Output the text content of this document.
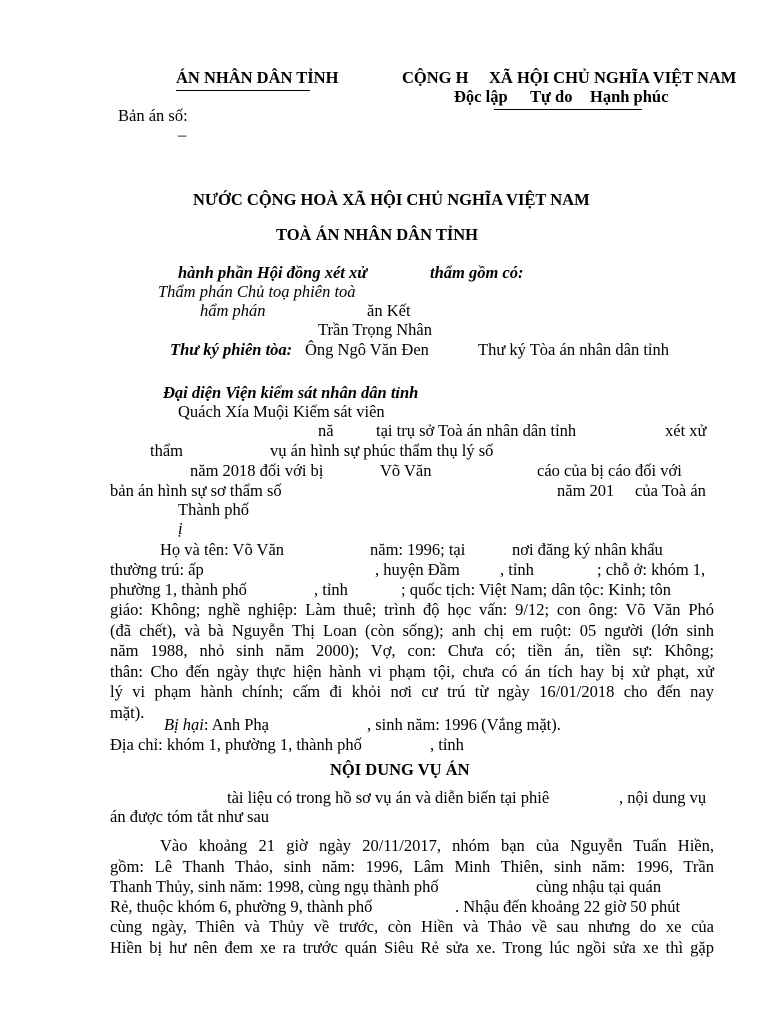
ÁN NHÂN DÂN TỈNH	CỘNG H XÃ HỘI CHỦ NGHĨA VIỆT NAM
Độc lập Tự do Hạnh phúc
Bản án số:
–
NƯỚC CỘNG HOÀ XÃ HỘI CHỦ NGHĨA VIỆT NAM
TOÀ ÁN NHÂN DÂN TỈNH
hành phần Hội đồng xét xử	thẩm gồm có:
Thẩm phán Chủ toạ phiên toà
hẩm phán	ăn Kết
Trần Trọng Nhân
Thư ký phiên tòa: Ông Ngô Văn Đen	Thư ký Tòa án nhân dân tỉnh
Đại diện Viện kiểm sát nhân dân tỉnh
Quách Xía Muội Kiểm sát viên
nă	tại trụ sở Toà án nhân dân tỉnh	xét xử
thẩm	vụ án hình sự phúc thẩm thụ lý số
năm 2018 đối với bị	Võ Văn	cáo của bị cáo đối với
bản án hình sự sơ thẩm số	năm 201 của Toà án
Thành phố
ị
Họ và tên: Võ Văn	năm: 1996; tại	nơi đăng ký nhân khẩu
thường trú: ấp	, huyện Đầm , tỉnh	; chỗ ở: khóm 1,
phường 1, thành phố	, tỉnh	; quốc tịch: Việt Nam; dân tộc: Kinh; tôn
giáo: Không; nghề nghiệp: Làm thuê; trình độ học vấn: 9/12; con ông: Võ Văn Phó
(đã chết), và bà Nguyễn Thị Loan (còn sống); anh chị em ruột: 05 người (lớn sinh
năm 1988, nhỏ sinh năm 2000); Vợ, con: Chưa có; tiền án, tiền sự: Không;
thân: Cho đến ngày thực hiện hành vi phạm tội, chưa có án tích hay bị xử phạt, xử
lý vi phạm hành chính; cấm đi khỏi nơi cư trú từ ngày 16/01/2018 cho đến nay
mặt).
Bị hại: Anh Phạ	, sinh năm: 1996 (Vắng mặt).
Địa chỉ: khóm 1, phường 1, thành phố	, tỉnh
NỘI DUNG VỤ ÁN
tài liệu có trong hồ sơ vụ án và diễn biến tại phiê	, nội dung vụ
án được tóm tắt như sau
Vào khoảng 21 giờ ngày 20/11/2017, nhóm bạn của Nguyễn Tuấn Hiền,
gồm: Lê Thanh Thảo, sinh năm: 1996, Lâm Minh Thiên, sinh năm: 1996, Trần
Thanh Thủy, sinh năm: 1998, cùng ngụ thành phố	cùng nhậu tại quán
Rẻ, thuộc khóm 6, phường 9, thành phố	. Nhậu đến khoảng 22 giờ 50 phút
cùng ngày, Thiên và Thủy về trước, còn Hiền và Thảo về sau nhưng do xe của
Hiền bị hư nên đem xe ra trước quán Siêu Rẻ sửa xe. Trong lúc ngồi sửa xe thì gặp
